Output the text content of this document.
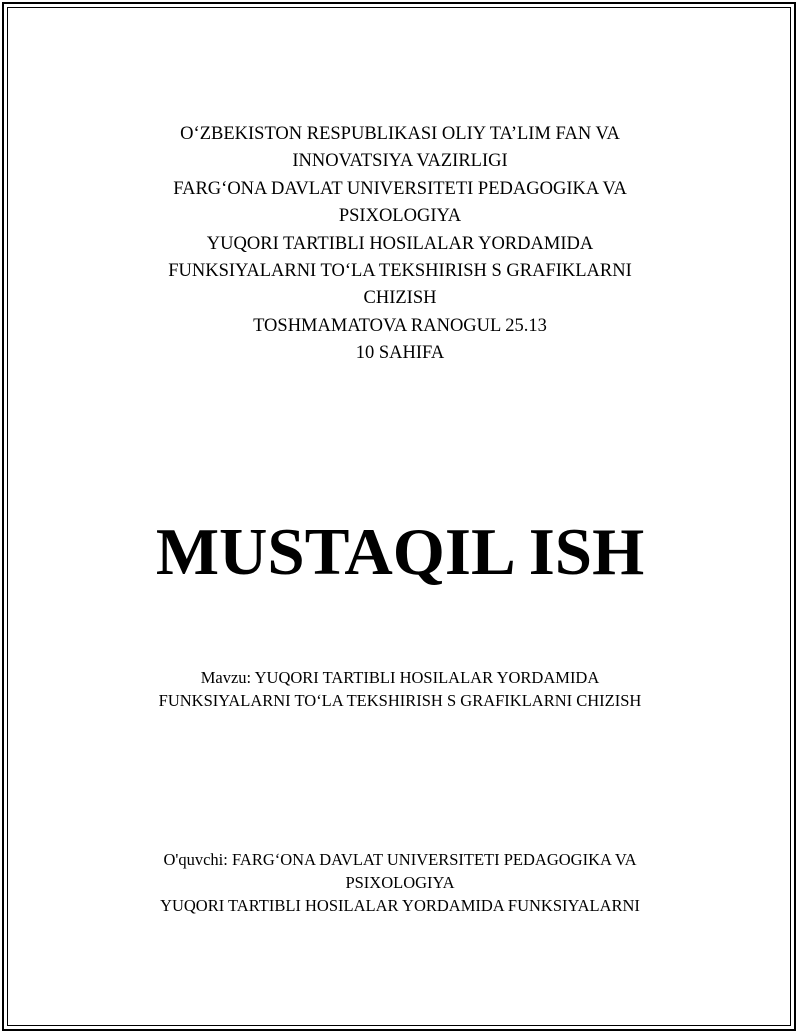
O‘ZBEKISTON RESPUBLIKASI OLIY TA’LIM FAN VA
INNOVATSIYA VAZIRLIGI
FARG‘ONA DAVLAT UNIVERSITETI PEDAGOGIKA VA
PSIXOLOGIYA
YUQORI TARTIBLI HOSILALAR YORDAMIDA
FUNKSIYALARNI TO‘LA TEKSHIRISH S GRAFIKLARNI
CHIZISH
TOSHMAMATOVA RANOGUL 25.13
10 SAHIFA
MUSTAQIL ISH
Mavzu: YUQORI TARTIBLI HOSILALAR YORDAMIDA
FUNKSIYALARNI TO‘LA TEKSHIRISH S GRAFIKLARNI CHIZISH
O'quvchi: FARG‘ONA DAVLAT UNIVERSITETI PEDAGOGIKA VA
PSIXOLOGIYA
YUQORI TARTIBLI HOSILALAR YORDAMIDA FUNKSIYALARNI
